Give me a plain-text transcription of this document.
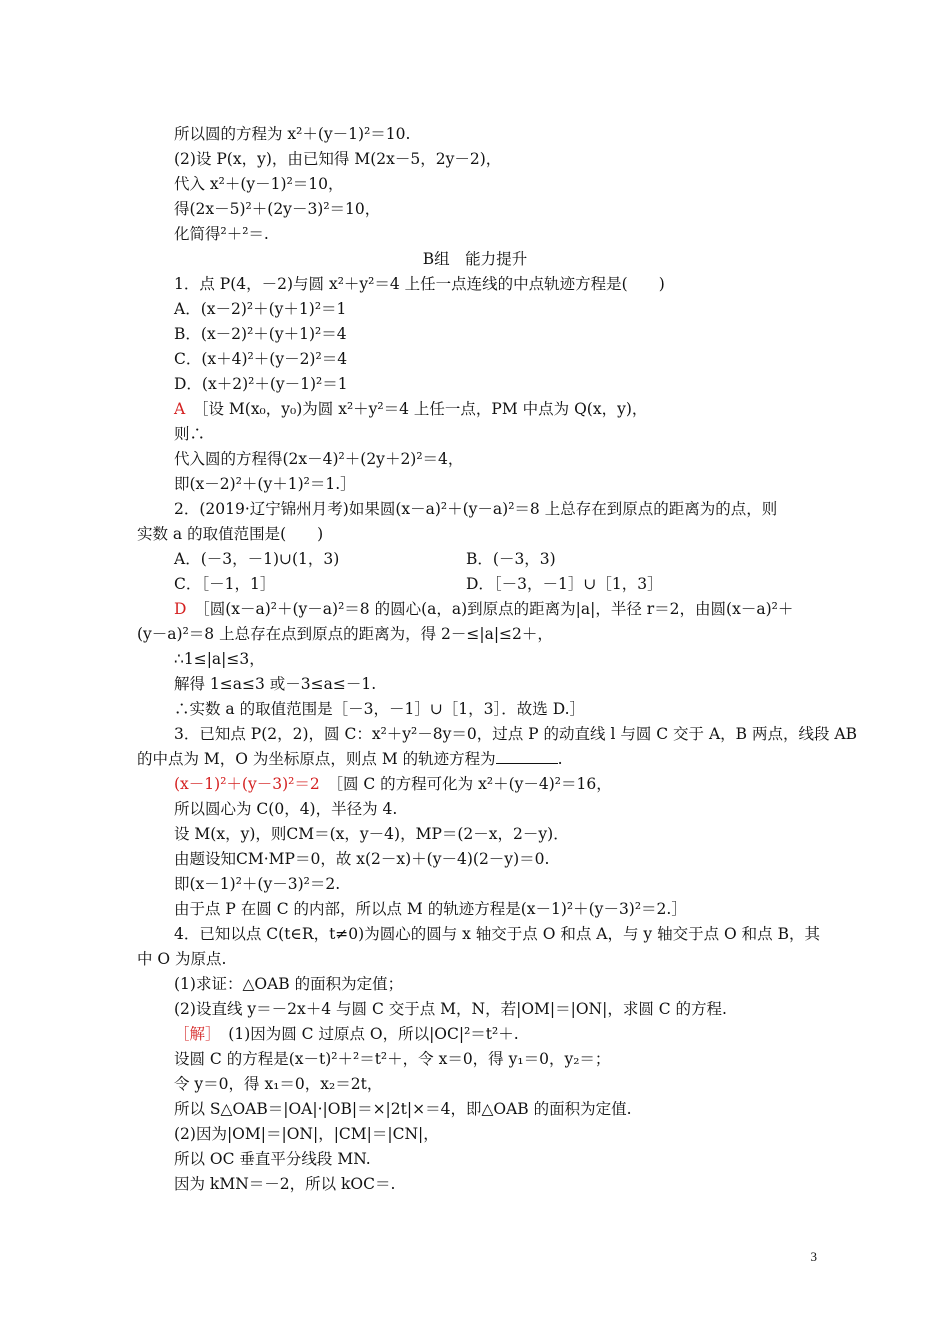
所以圆的方程为 x²＋(y－1)²＝10.
(2)设 P(x，y)，由已知得 M(2x－5，2y－2)，
代入 x²＋(y－1)²＝10，
得(2x－5)²＋(2y－3)²＝10，
化简得²＋²＝.
B组　能力提升
1．点 P(4，－2)与圆 x²＋y²＝4 上任一点连线的中点轨迹方程是(　　)
A．(x－2)²＋(y＋1)²＝1
B．(x－2)²＋(y＋1)²＝4
C．(x＋4)²＋(y－2)²＝4
D．(x＋2)²＋(y－1)²＝1
A　 ［设 M(x₀，y₀)为圆 x²＋y²＝4 上任一点，PM 中点为 Q(x，y)，
则∴
代入圆的方程得(2x－4)²＋(2y＋2)²＝4，
即(x－2)²＋(y＋1)²＝1.］
2．(2019·辽宁锦州月考)如果圆(x－a)²＋(y－a)²＝8 上总存在到原点的距离为的点，则
实数 a 的取值范围是(　　)
A．(－3，－1)∪(1，3)	B．(－3，3)
C．［－1，1］	D．［－3，－1］∪［1，3］
D　 ［圆(x－a)²＋(y－a)²＝8 的圆心(a，a)到原点的距离为|a|，半径 r＝2，由圆(x－a)²＋
(y－a)²＝8 上总存在点到原点的距离为，得 2－≤|a|≤2＋，
∴1≤|a|≤3，
解得 1≤a≤3 或－3≤a≤－1.
∴实数 a 的取值范围是［－3，－1］∪［1，3］．故选 D.］
3．已知点 P(2，2)，圆 C：x²＋y²－8y＝0，过点 P 的动直线 l 与圆 C 交于 A，B 两点，线段 AB
的中点为 M，O 为坐标原点，则点 M 的轨迹方程为	.
(x－1)²＋(y－3)²＝2　 ［圆 C 的方程可化为 x²＋(y－4)²＝16，
所以圆心为 C(0，4)，半径为 4.
设 M(x，y)，则CM＝(x，y－4)，MP＝(2－x，2－y)．
由题设知CM·MP＝0，故 x(2－x)＋(y－4)(2－y)＝0.
即(x－1)²＋(y－3)²＝2.
由于点 P 在圆 C 的内部，所以点 M 的轨迹方程是(x－1)²＋(y－3)²＝2.］
4．已知以点 C(t∈R，t≠0)为圆心的圆与 x 轴交于点 O 和点 A，与 y 轴交于点 O 和点 B，其
中 O 为原点.
(1)求证：△OAB 的面积为定值；
(2)设直线 y＝－2x＋4 与圆 C 交于点 M，N，若|OM|＝|ON|，求圆 C 的方程.
［解］　 (1)因为圆 C 过原点 O，所以|OC|²＝t²＋.
设圆 C 的方程是(x－t)²＋²＝t²＋，令 x＝0，得 y₁＝0，y₂＝；
令 y＝0，得 x₁＝0，x₂＝2t，
所以 S△OAB＝|OA|·|OB|＝×|2t|×＝4，即△OAB 的面积为定值.
(2)因为|OM|＝|ON|，|CM|＝|CN|，
所以 OC 垂直平分线段 MN.
因为 kMN＝－2，所以 kOC＝.
3
